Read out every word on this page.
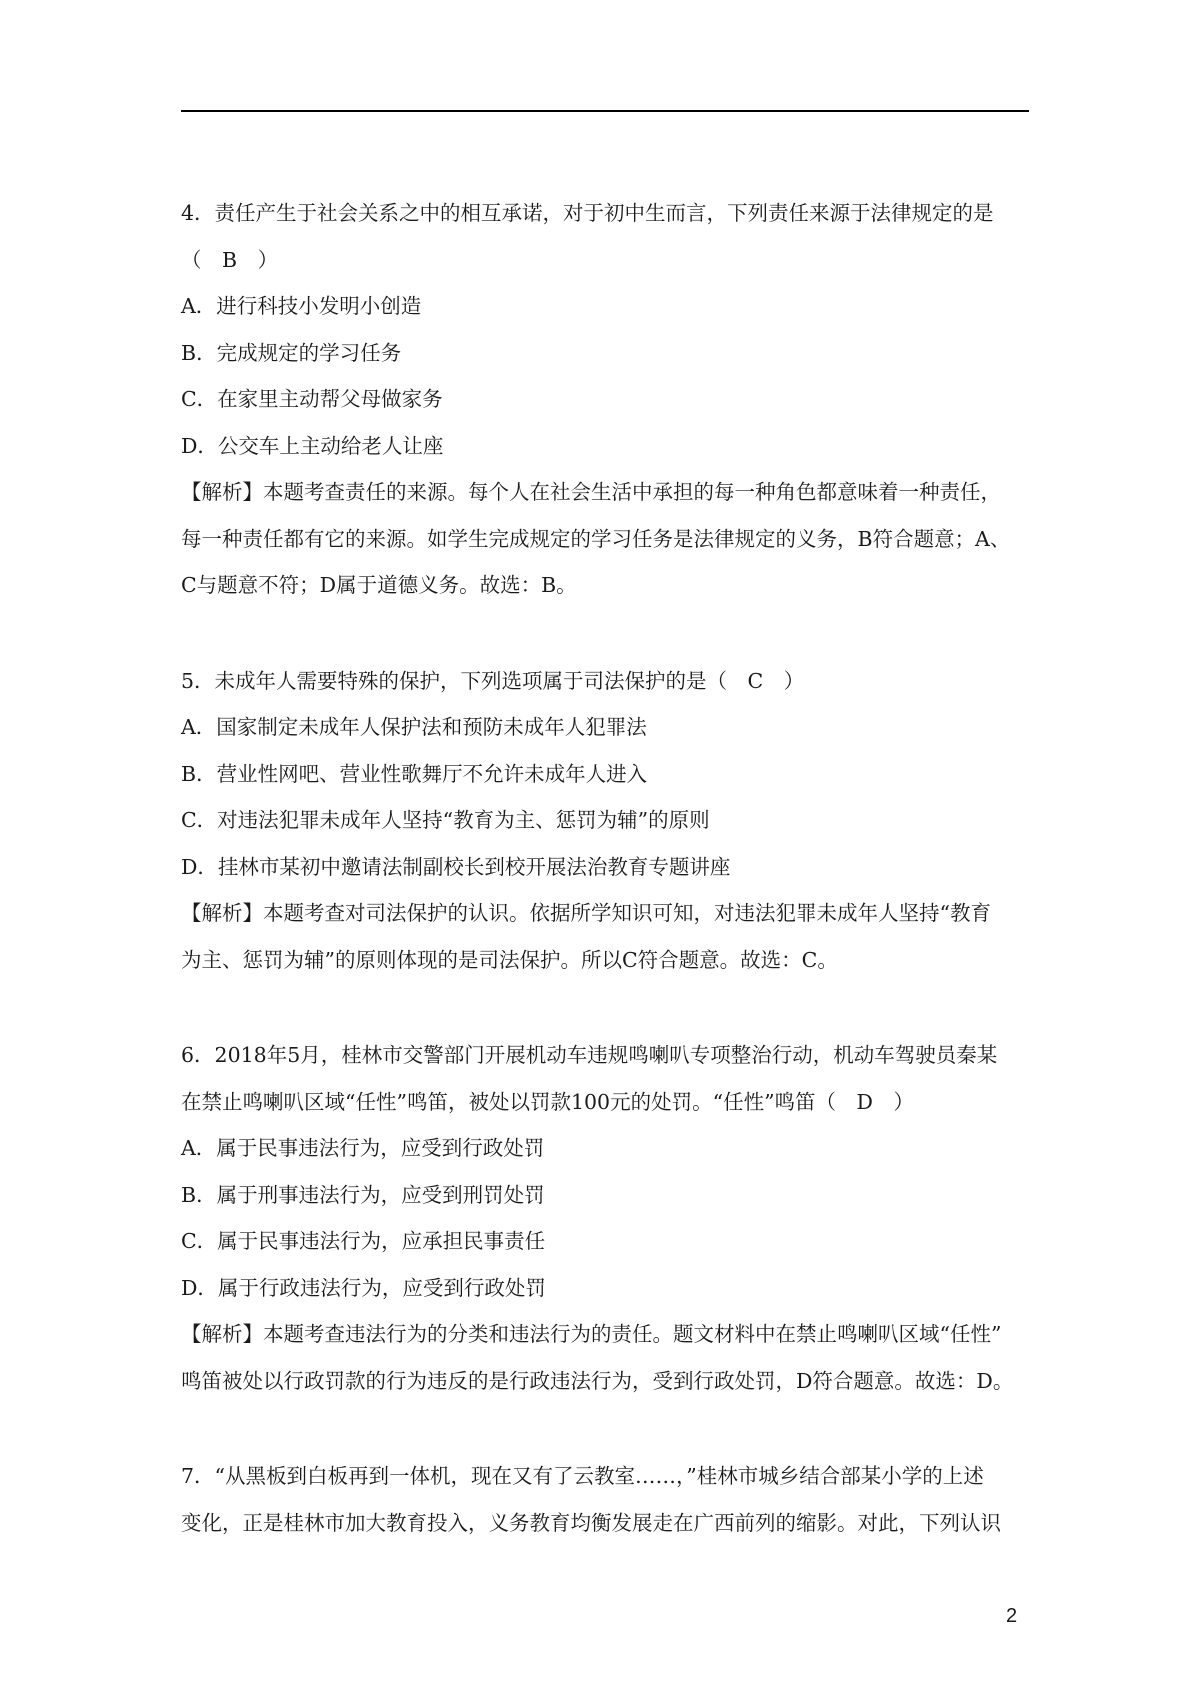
4．责任产生于社会关系之中的相互承诺，对于初中生而言，下列责任来源于法律规定的是
（　B　）
A．进行科技小发明小创造
B．完成规定的学习任务
C．在家里主动帮父母做家务
D．公交车上主动给老人让座
【解析】本题考查责任的来源。每个人在社会生活中承担的每一种角色都意味着一种责任，
每一种责任都有它的来源。如学生完成规定的学习任务是法律规定的义务，B符合题意；A、
C与题意不符；D属于道德义务。故选：B。
5．未成年人需要特殊的保护，下列选项属于司法保护的是（　C　）
A．国家制定未成年人保护法和预防未成年人犯罪法
B．营业性网吧、营业性歌舞厅不允许未成年人进入
C．对违法犯罪未成年人坚持“教育为主、惩罚为辅”的原则
D．挂林市某初中邀请法制副校长到校开展法治教育专题讲座
【解析】本题考查对司法保护的认识。依据所学知识可知，对违法犯罪未成年人坚持“教育
为主、惩罚为辅”的原则体现的是司法保护。所以C符合题意。故选：C。
6．2018年5月，桂林市交警部门开展机动车违规鸣喇叭专项整治行动，机动车驾驶员秦某
在禁止鸣喇叭区域“任性”鸣笛，被处以罚款100元的处罚。“任性”鸣笛（　D　）
A．属于民事违法行为，应受到行政处罚
B．属于刑事违法行为，应受到刑罚处罚
C．属于民事违法行为，应承担民事责任
D．属于行政违法行为，应受到行政处罚
【解析】本题考查违法行为的分类和违法行为的责任。题文材料中在禁止鸣喇叭区域“任性”
鸣笛被处以行政罚款的行为违反的是行政违法行为，受到行政处罚，D符合题意。故选：D。
7．“从黑板到白板再到一体机，现在又有了云教室……，”桂林市城乡结合部某小学的上述
变化，正是桂林市加大教育投入，义务教育均衡发展走在广西前列的缩影。对此，下列认识
2
